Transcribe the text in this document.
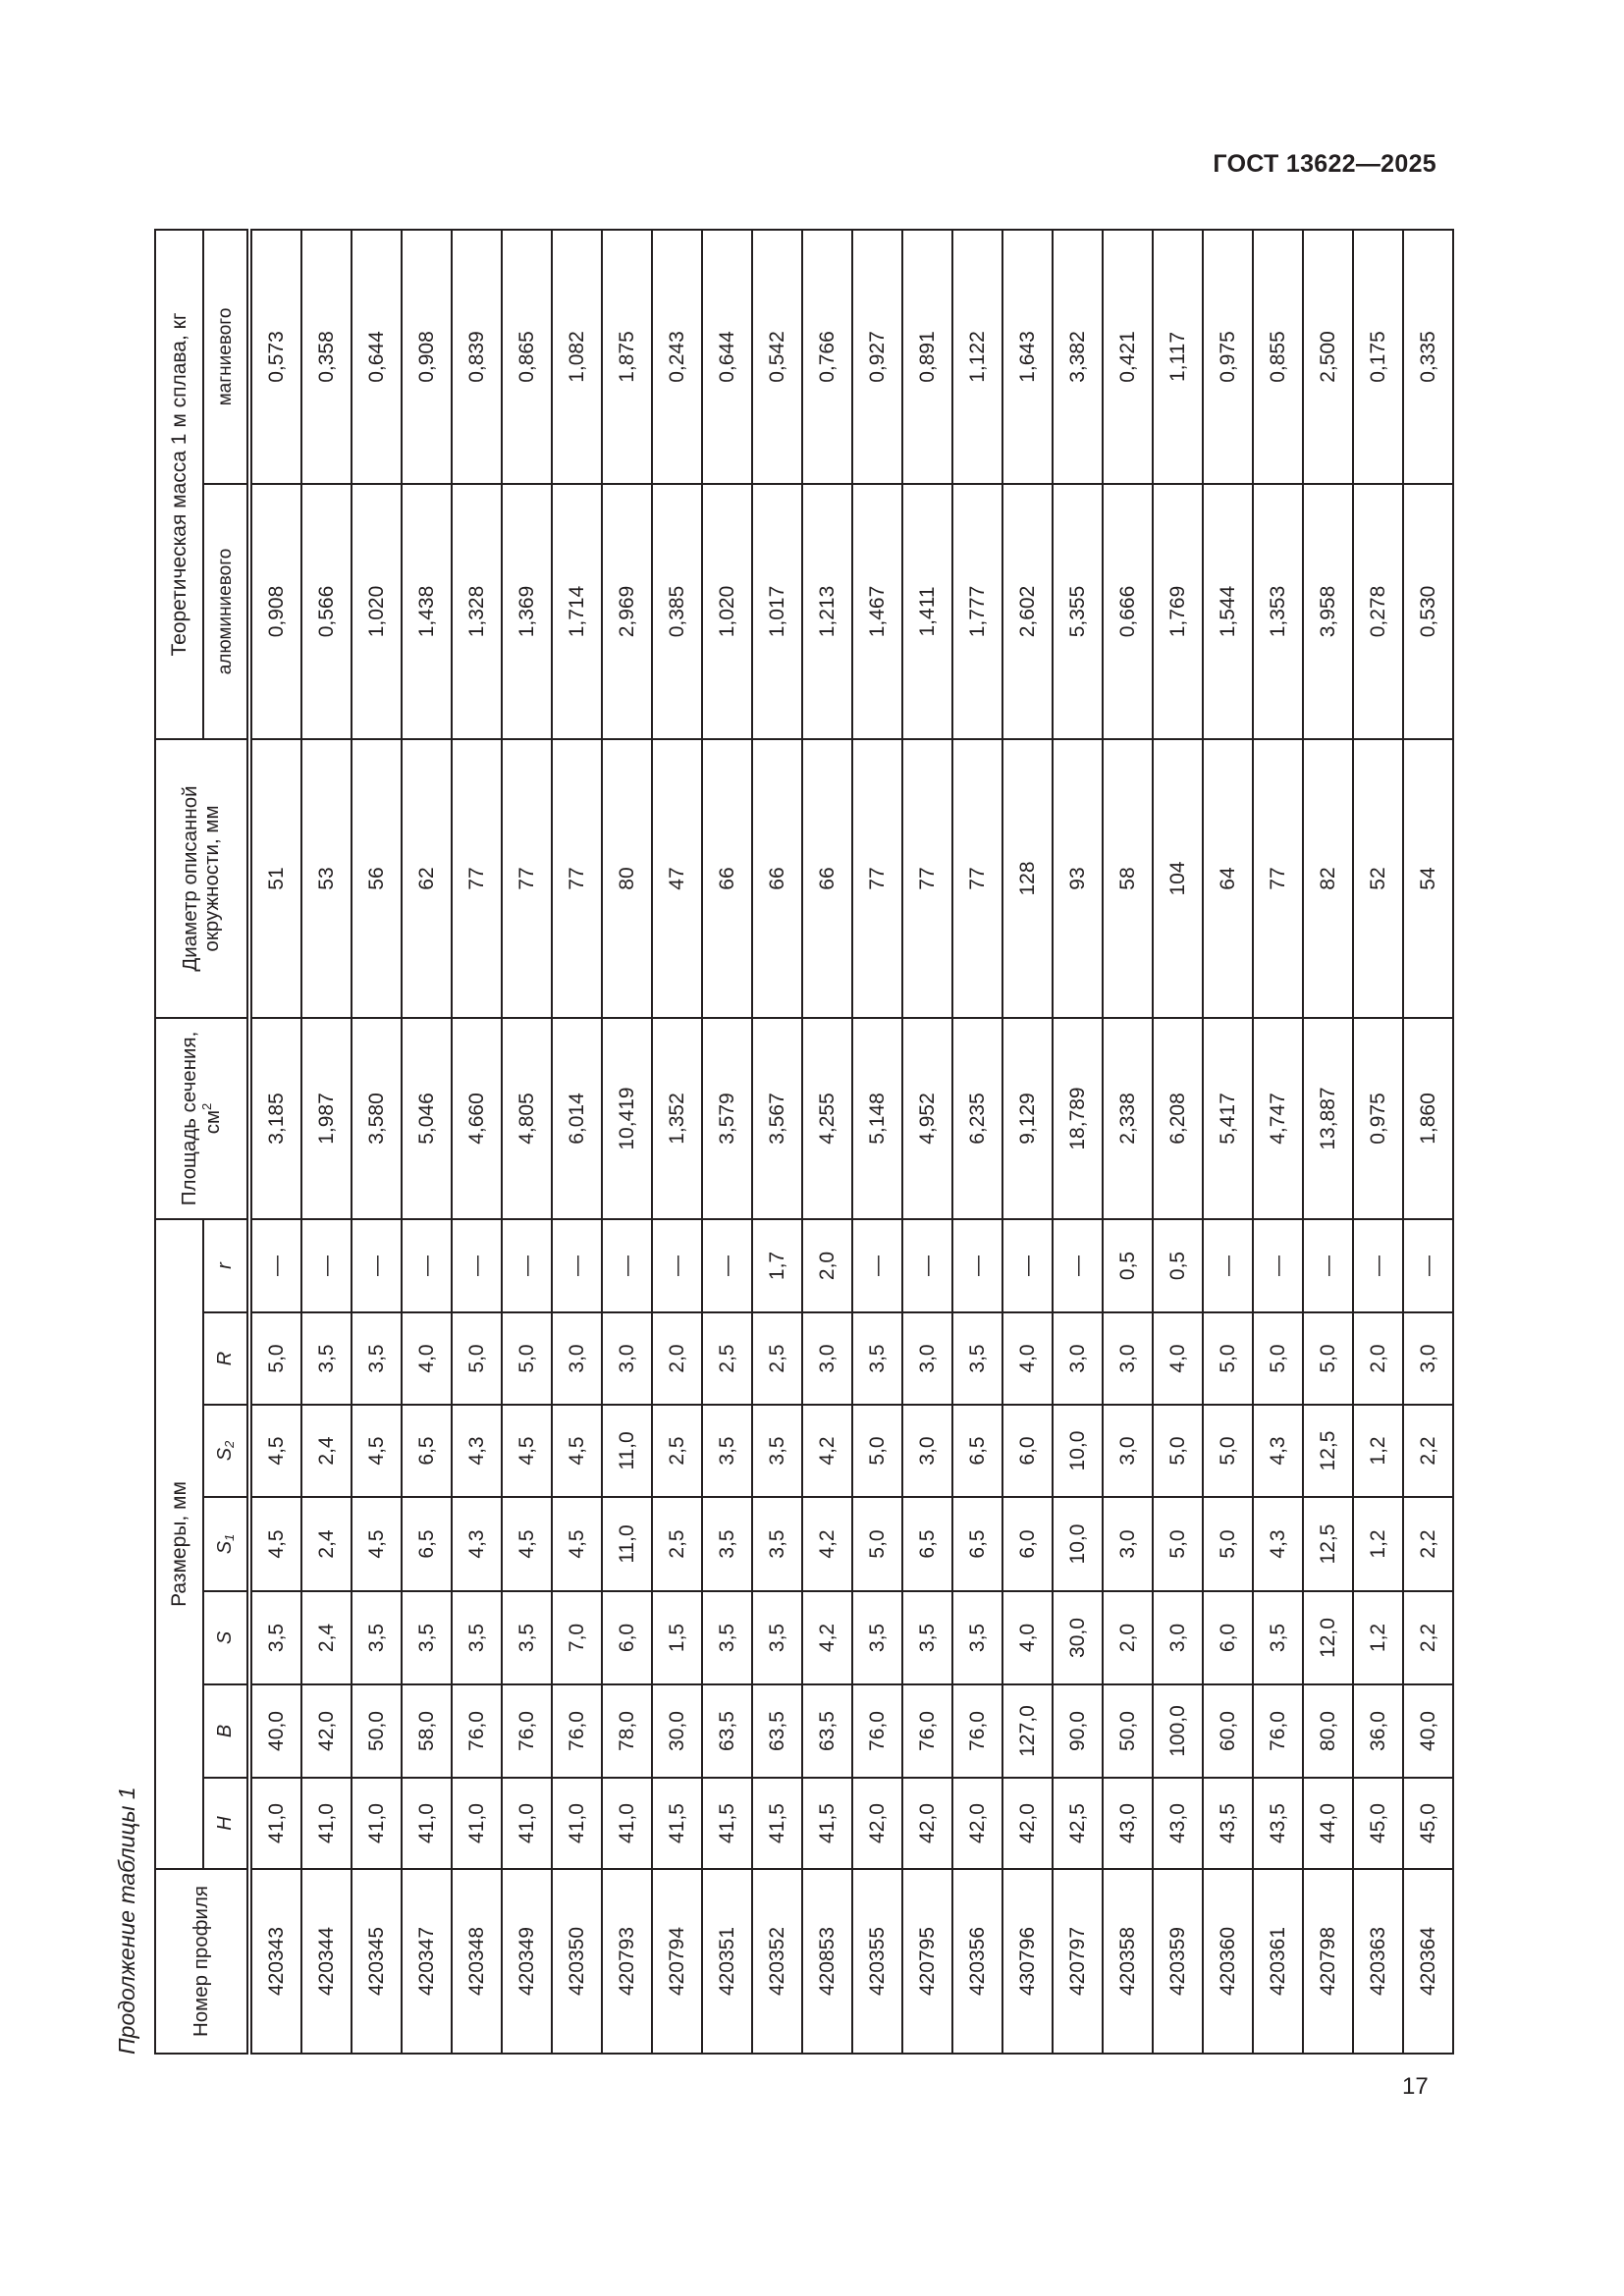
ГОСТ 13622—2025
Продолжение таблицы 1 Номер профиля	Размеры, мм							Площадь сечения, $см^2$	Диаметр описанной окружности, мм	Теоретическая масса 1 м сплава, кг	
	H	B	S	$S_1$	$S_2$	R	r			алюминиевого	магниевого
420343	41,0	40,0	3,5	4,5	4,5	5,0	—	3,185	51	0,908	0,573
420344	41,0	42,0	2,4	2,4	2,4	3,5	—	1,987	53	0,566	0,358
420345	41,0	50,0	3,5	4,5	4,5	3,5	—	3,580	56	1,020	0,644
420347	41,0	58,0	3,5	6,5	6,5	4,0	—	5,046	62	1,438	0,908
420348	41,0	76,0	3,5	4,3	4,3	5,0	—	4,660	77	1,328	0,839
420349	41,0	76,0	3,5	4,5	4,5	5,0	—	4,805	77	1,369	0,865
420350	41,0	76,0	7,0	4,5	4,5	3,0	—	6,014	77	1,714	1,082
420793	41,0	78,0	6,0	11,0	11,0	3,0	—	10,419	80	2,969	1,875
420794	41,5	30,0	1,5	2,5	2,5	2,0	—	1,352	47	0,385	0,243
420351	41,5	63,5	3,5	3,5	3,5	2,5	—	3,579	66	1,020	0,644
420352	41,5	63,5	3,5	3,5	3,5	2,5	1,7	3,567	66	1,017	0,542
420853	41,5	63,5	4,2	4,2	4,2	3,0	2,0	4,255	66	1,213	0,766
420355	42,0	76,0	3,5	5,0	5,0	3,5	—	5,148	77	1,467	0,927
420795	42,0	76,0	3,5	6,5	3,0	3,0	—	4,952	77	1,411	0,891
420356	42,0	76,0	3,5	6,5	6,5	3,5	—	6,235	77	1,777	1,122
430796	42,0	127,0	4,0	6,0	6,0	4,0	—	9,129	128	2,602	1,643
420797	42,5	90,0	30,0	10,0	10,0	3,0	—	18,789	93	5,355	3,382
420358	43,0	50,0	2,0	3,0	3,0	3,0	0,5	2,338	58	0,666	0,421
420359	43,0	100,0	3,0	5,0	5,0	4,0	0,5	6,208	104	1,769	1,117
420360	43,5	60,0	6,0	5,0	5,0	5,0	—	5,417	64	1,544	0,975
420361	43,5	76,0	3,5	4,3	4,3	5,0	—	4,747	77	1,353	0,855
420798	44,0	80,0	12,0	12,5	12,5	5,0	—	13,887	82	3,958	2,500
420363	45,0	36,0	1,2	1,2	1,2	2,0	—	0,975	52	0,278	0,175
420364	45,0	40,0	2,2	2,2	2,2	3,0	—	1,860	54	0,530	0,335
17
